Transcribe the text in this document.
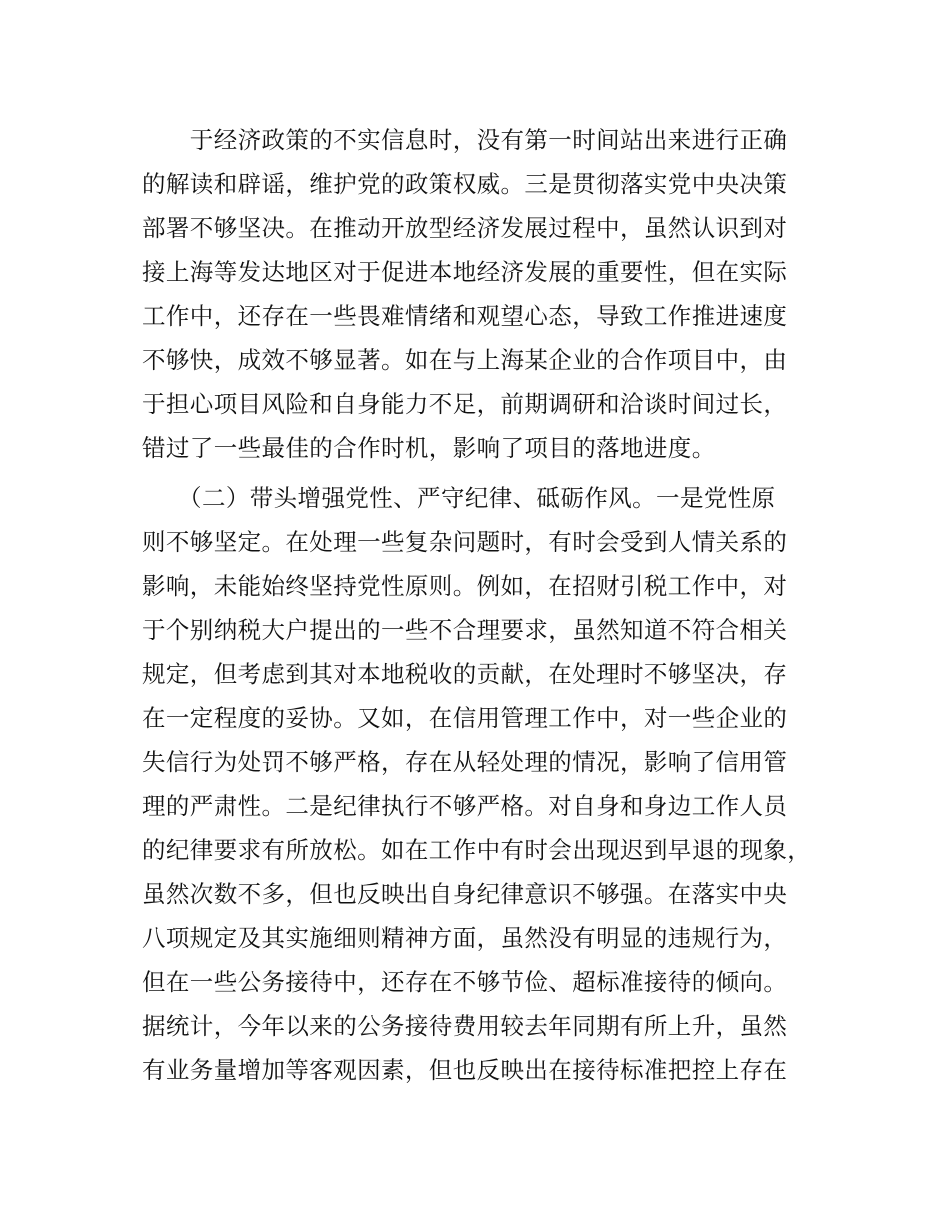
　　于经济政策的不实信息时，没有第一时间站出来进行正确
的解读和辟谣，维护党的政策权威。三是贯彻落实党中央决策
部署不够坚决。在推动开放型经济发展过程中，虽然认识到对
接上海等发达地区对于促进本地经济发展的重要性，但在实际
工作中，还存在一些畏难情绪和观望心态，导致工作推进速度
不够快，成效不够显著。如在与上海某企业的合作项目中，由
于担心项目风险和自身能力不足，前期调研和洽谈时间过长，
错过了一些最佳的合作时机，影响了项目的落地进度。

　　（二）带头增强党性、严守纪律、砥砺作风。一是党性原
则不够坚定。在处理一些复杂问题时，有时会受到人情关系的
影响，未能始终坚持党性原则。例如，在招财引税工作中，对
于个别纳税大户提出的一些不合理要求，虽然知道不符合相关
规定，但考虑到其对本地税收的贡献，在处理时不够坚决，存
在一定程度的妥协。又如，在信用管理工作中，对一些企业的
失信行为处罚不够严格，存在从轻处理的情况，影响了信用管
理的严肃性。二是纪律执行不够严格。对自身和身边工作人员
的纪律要求有所放松。如在工作中有时会出现迟到早退的现象，
虽然次数不多，但也反映出自身纪律意识不够强。在落实中央
八项规定及其实施细则精神方面，虽然没有明显的违规行为，
但在一些公务接待中，还存在不够节俭、超标准接待的倾向。
据统计，今年以来的公务接待费用较去年同期有所上升，虽然
有业务量增加等客观因素，但也反映出在接待标准把控上存在
